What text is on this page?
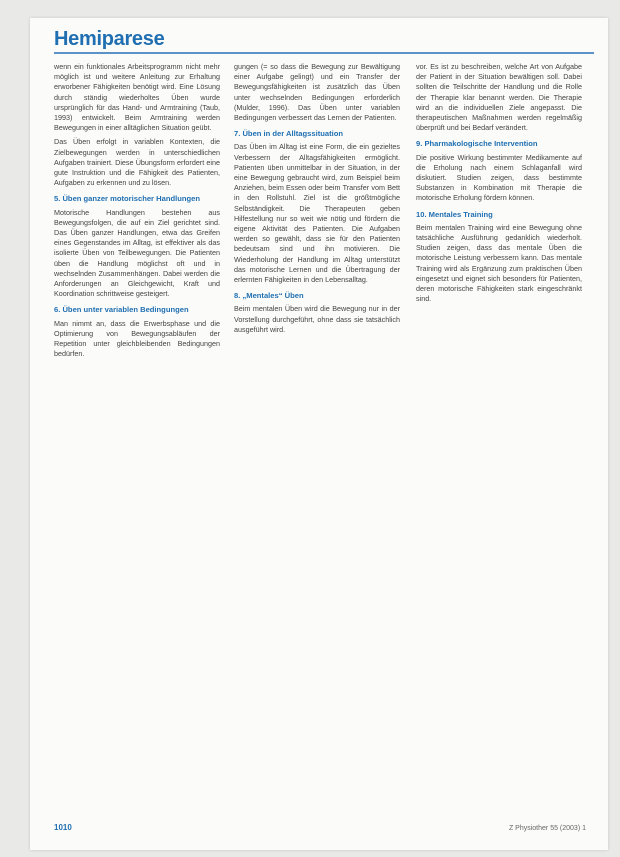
Hemiparese

wenn ein funktionales Arbeitsprogramm nicht mehr möglich ist und weitere Anleitung zur Erhaltung erworbener Fähigkeiten benötigt wird. Eine Lösung durch ständig wiederholtes Üben wurde ursprünglich für das Hand- und Armtraining (Taub, 1993) entwickelt. Beim Armtraining werden Bewegungen in einer alltäglichen Situation geübt.

Das Üben erfolgt in variablen Kontexten, die Zielbewegungen werden in unterschiedlichen Aufgaben trainiert. Diese Übungsform erfordert eine gute Instruktion und die Fähigkeit des Patienten, Aufgaben zu erkennen und zu lösen.

5. Üben ganzer motorischer Handlungen

Motorische Handlungen bestehen aus Bewegungsfolgen, die auf ein Ziel gerichtet sind. Das Üben ganzer Handlungen, etwa das Greifen eines Gegenstandes im Alltag, ist effektiver als das isolierte Üben von Teilbewegungen. Die Patienten üben die Handlung möglichst oft und in wechselnden Zusammenhängen. Dabei werden die Anforderungen an Gleichgewicht, Kraft und Koordination schrittweise gesteigert.

6. Üben unter variablen Bedingungen

Man nimmt an, dass die Erwerbsphase und die Optimierung von Bewegungsabläufen der Repetition unter gleichbleibenden Bedingungen bedürfen.

gungen (= so dass die Bewegung zur Bewältigung einer Aufgabe gelingt) und ein Transfer der Bewegungsfähigkeiten ist zusätzlich das Üben unter wechselnden Bedingungen erforderlich (Mulder, 1996). Das Üben unter variablen Bedingungen verbessert das Lernen der Patienten.

7. Üben in der Alltagssituation

Das Üben im Alltag ist eine Form, die ein gezieltes Verbessern der Alltagsfähigkeiten ermöglicht. Patienten üben unmittelbar in der Situation, in der eine Bewegung gebraucht wird, zum Beispiel beim Anziehen, beim Essen oder beim Transfer vom Bett in den Rollstuhl. Ziel ist die größtmögliche Selbständigkeit. Die Therapeuten geben Hilfestellung nur so weit wie nötig und fördern die eigene Aktivität des Patienten. Die Aufgaben werden so gewählt, dass sie für den Patienten bedeutsam sind und ihn motivieren. Die Wiederholung der Handlung im Alltag unterstützt das motorische Lernen und die Übertragung der erlernten Fähigkeiten in den Lebensalltag.

8. „Mentales“ Üben

Beim mentalen Üben wird die Bewegung nur in der Vorstellung durchgeführt, ohne dass sie tatsächlich ausgeführt wird.

vor. Es ist zu beschreiben, welche Art von Aufgabe der Patient in der Situation bewältigen soll. Dabei sollten die Teilschritte der Handlung und die Rolle der Therapie klar benannt werden. Die Therapie wird an die individuellen Ziele angepasst. Die therapeutischen Maßnahmen werden regelmäßig überprüft und bei Bedarf verändert.

9. Pharmakologische Intervention

Die positive Wirkung bestimmter Medikamente auf die Erholung nach einem Schlaganfall wird diskutiert. Studien zeigen, dass bestimmte Substanzen in Kombination mit Therapie die motorische Erholung fördern können.

10. Mentales Training

Beim mentalen Training wird eine Bewegung ohne tatsächliche Ausführung gedanklich wiederholt. Studien zeigen, dass das mentale Üben die motorische Leistung verbessern kann. Das mentale Training wird als Ergänzung zum praktischen Üben eingesetzt und eignet sich besonders für Patienten, deren motorische Fähigkeiten stark eingeschränkt sind.

1010	Z Physiother 55 (2003) 1
